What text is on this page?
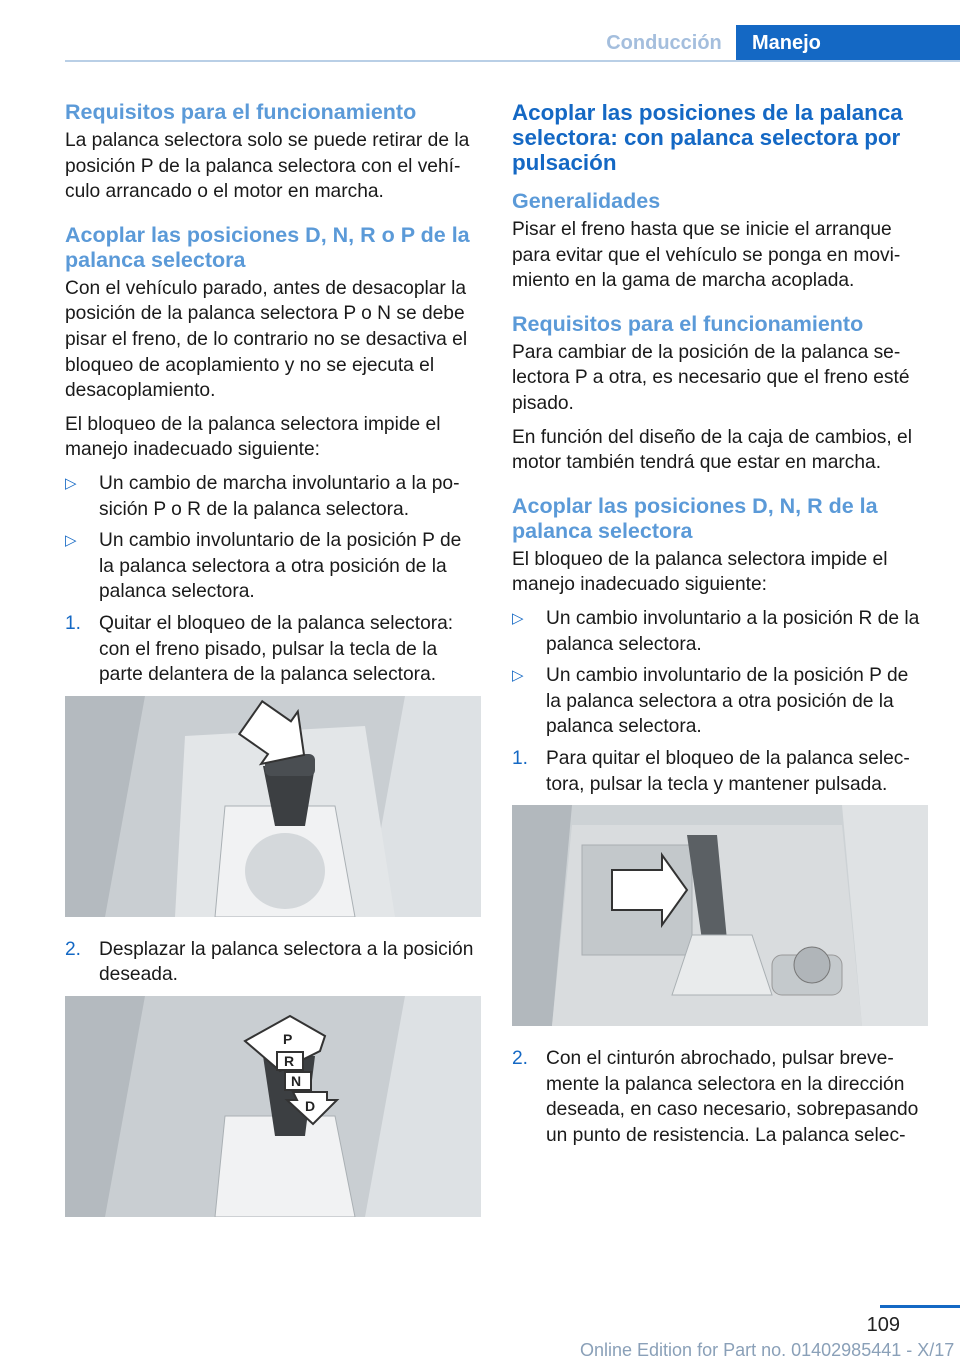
Conducción	Manejo
Requisitos para el funcionamiento

La palanca selectora solo se puede retirar de la posición P de la palanca selectora con el vehículo arrancado o el motor en marcha.

Acoplar las posiciones D, N, R o P de la palanca selectora

Con el vehículo parado, antes de desacoplar la posición de la palanca selectora P o N se debe pisar el freno, de lo contrario no se desactiva el bloqueo de acoplamiento y no se ejecuta el desacoplamiento.

El bloqueo de la palanca selectora impide el manejo inadecuado siguiente:

▷ Un cambio de marcha involuntario a la posición P o R de la palanca selectora.
▷ Un cambio involuntario de la posición P de la palanca selectora a otra posición de la palanca selectora.
1. Quitar el bloqueo de la palanca selectora: con el freno pisado, pulsar la tecla de la parte delantera de la palanca selectora.
2. Desplazar la palanca selectora a la posición deseada.
P
R
N
D
Acoplar las posiciones de la palanca selectora: con palanca selectora por pulsación
Generalidades

Pisar el freno hasta que se inicie el arranque para evitar que el vehículo se ponga en movimiento en la gama de marcha acoplada.

Requisitos para el funcionamiento

Para cambiar de la posición de la palanca selectora P a otra, es necesario que el freno esté pisado.

En función del diseño de la caja de cambios, el motor también tendrá que estar en marcha.

Acoplar las posiciones D, N, R de la palanca selectora

El bloqueo de la palanca selectora impide el manejo inadecuado siguiente:

▷ Un cambio involuntario a la posición R de la palanca selectora.
▷ Un cambio involuntario de la posición P de la palanca selectora a otra posición de la palanca selectora.
1. Para quitar el bloqueo de la palanca selectora, pulsar la tecla y mantener pulsada.
2. Con el cinturón abrochado, pulsar brevemente la palanca selectora en la dirección deseada, en caso necesario, sobrepasando un punto de resistencia. La palanca selec‐
109
Online Edition for Part no. 01402985441 - X/17
